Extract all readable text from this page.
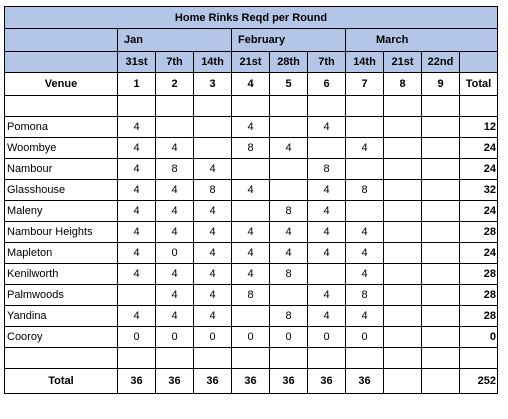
Home Rinks Reqd per Round										
	Jan			February			March			
	31st	7th	14th	21st	28th	7th	14th	21st	22nd	
Venue	1	2	3	4	5	6	7	8	9	Total

Pomona	4			4		4				12
Woombye	4	4		8	4		4			24
Nambour	4	8	4			8				24
Glasshouse	4	4	8	4		4	8			32
Maleny	4	4	4		8	4				24
Nambour Heights	4	4	4	4	4	4	4			28
Mapleton	4	0	4	4	4	4	4			24
Kenilworth	4	4	4	4	8		4			28
Palmwoods		4	4	8		4	8			28
Yandina	4	4	4		8	4	4			28
Cooroy	0	0	0	0	0	0	0			0

Total	36	36	36	36	36	36	36			252
